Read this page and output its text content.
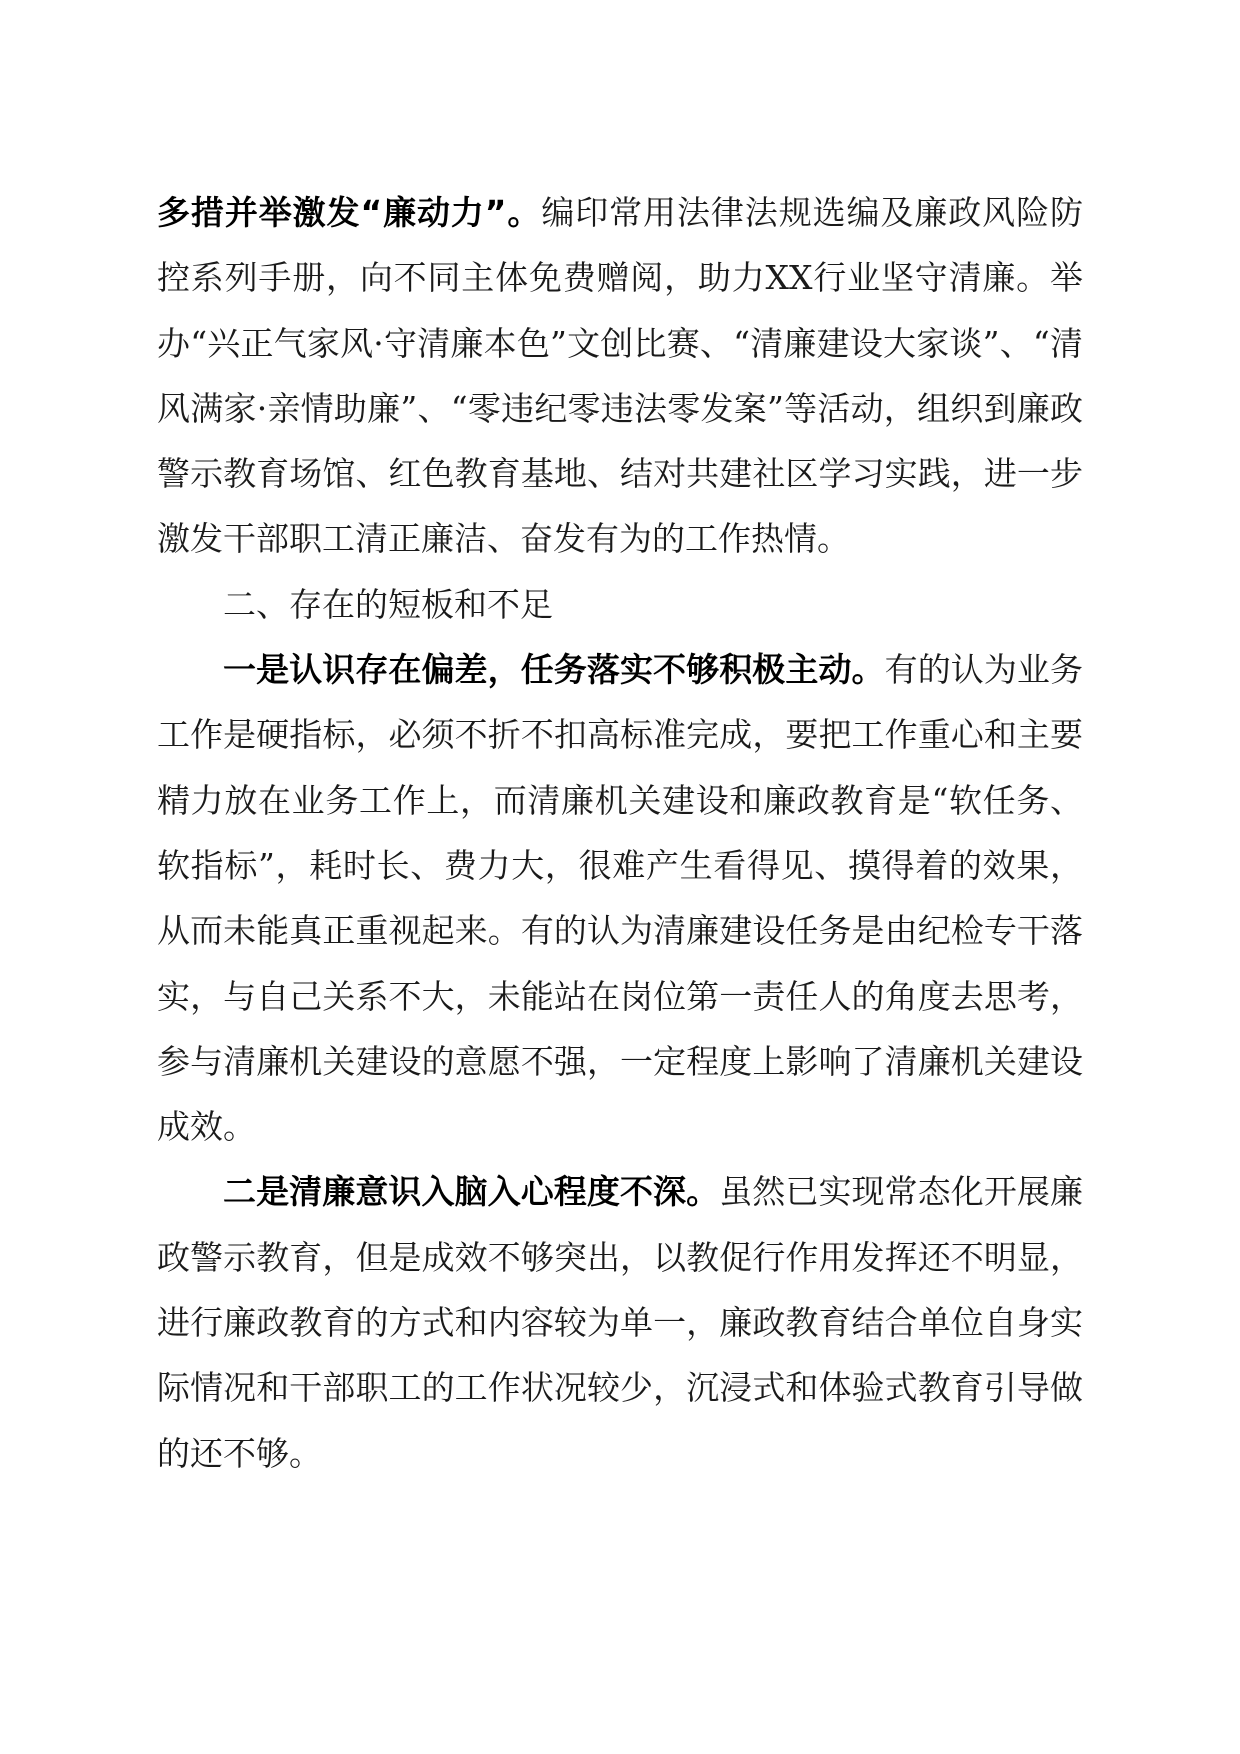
多措并举激发“廉动力”。编印常用法律法规选编及廉政风险防控系列手册，向不同主体免费赠阅，助力XX行业坚守清廉。举办“兴正气家风·守清廉本色”文创比赛、“清廉建设大家谈”、“清风满家·亲情助廉”、“零违纪零违法零发案”等活动，组织到廉政警示教育场馆、红色教育基地、结对共建社区学习实践，进一步激发干部职工清正廉洁、奋发有为的工作热情。

二、存在的短板和不足

一是认识存在偏差，任务落实不够积极主动。有的认为业务工作是硬指标，必须不折不扣高标准完成，要把工作重心和主要精力放在业务工作上，而清廉机关建设和廉政教育是“软任务、软指标”，耗时长、费力大，很难产生看得见、摸得着的效果，从而未能真正重视起来。有的认为清廉建设任务是由纪检专干落实，与自己关系不大，未能站在岗位第一责任人的角度去思考，参与清廉机关建设的意愿不强，一定程度上影响了清廉机关建设成效。

二是清廉意识入脑入心程度不深。虽然已实现常态化开展廉政警示教育，但是成效不够突出，以教促行作用发挥还不明显，进行廉政教育的方式和内容较为单一，廉政教育结合单位自身实际情况和干部职工的工作状况较少，沉浸式和体验式教育引导做的还不够。
